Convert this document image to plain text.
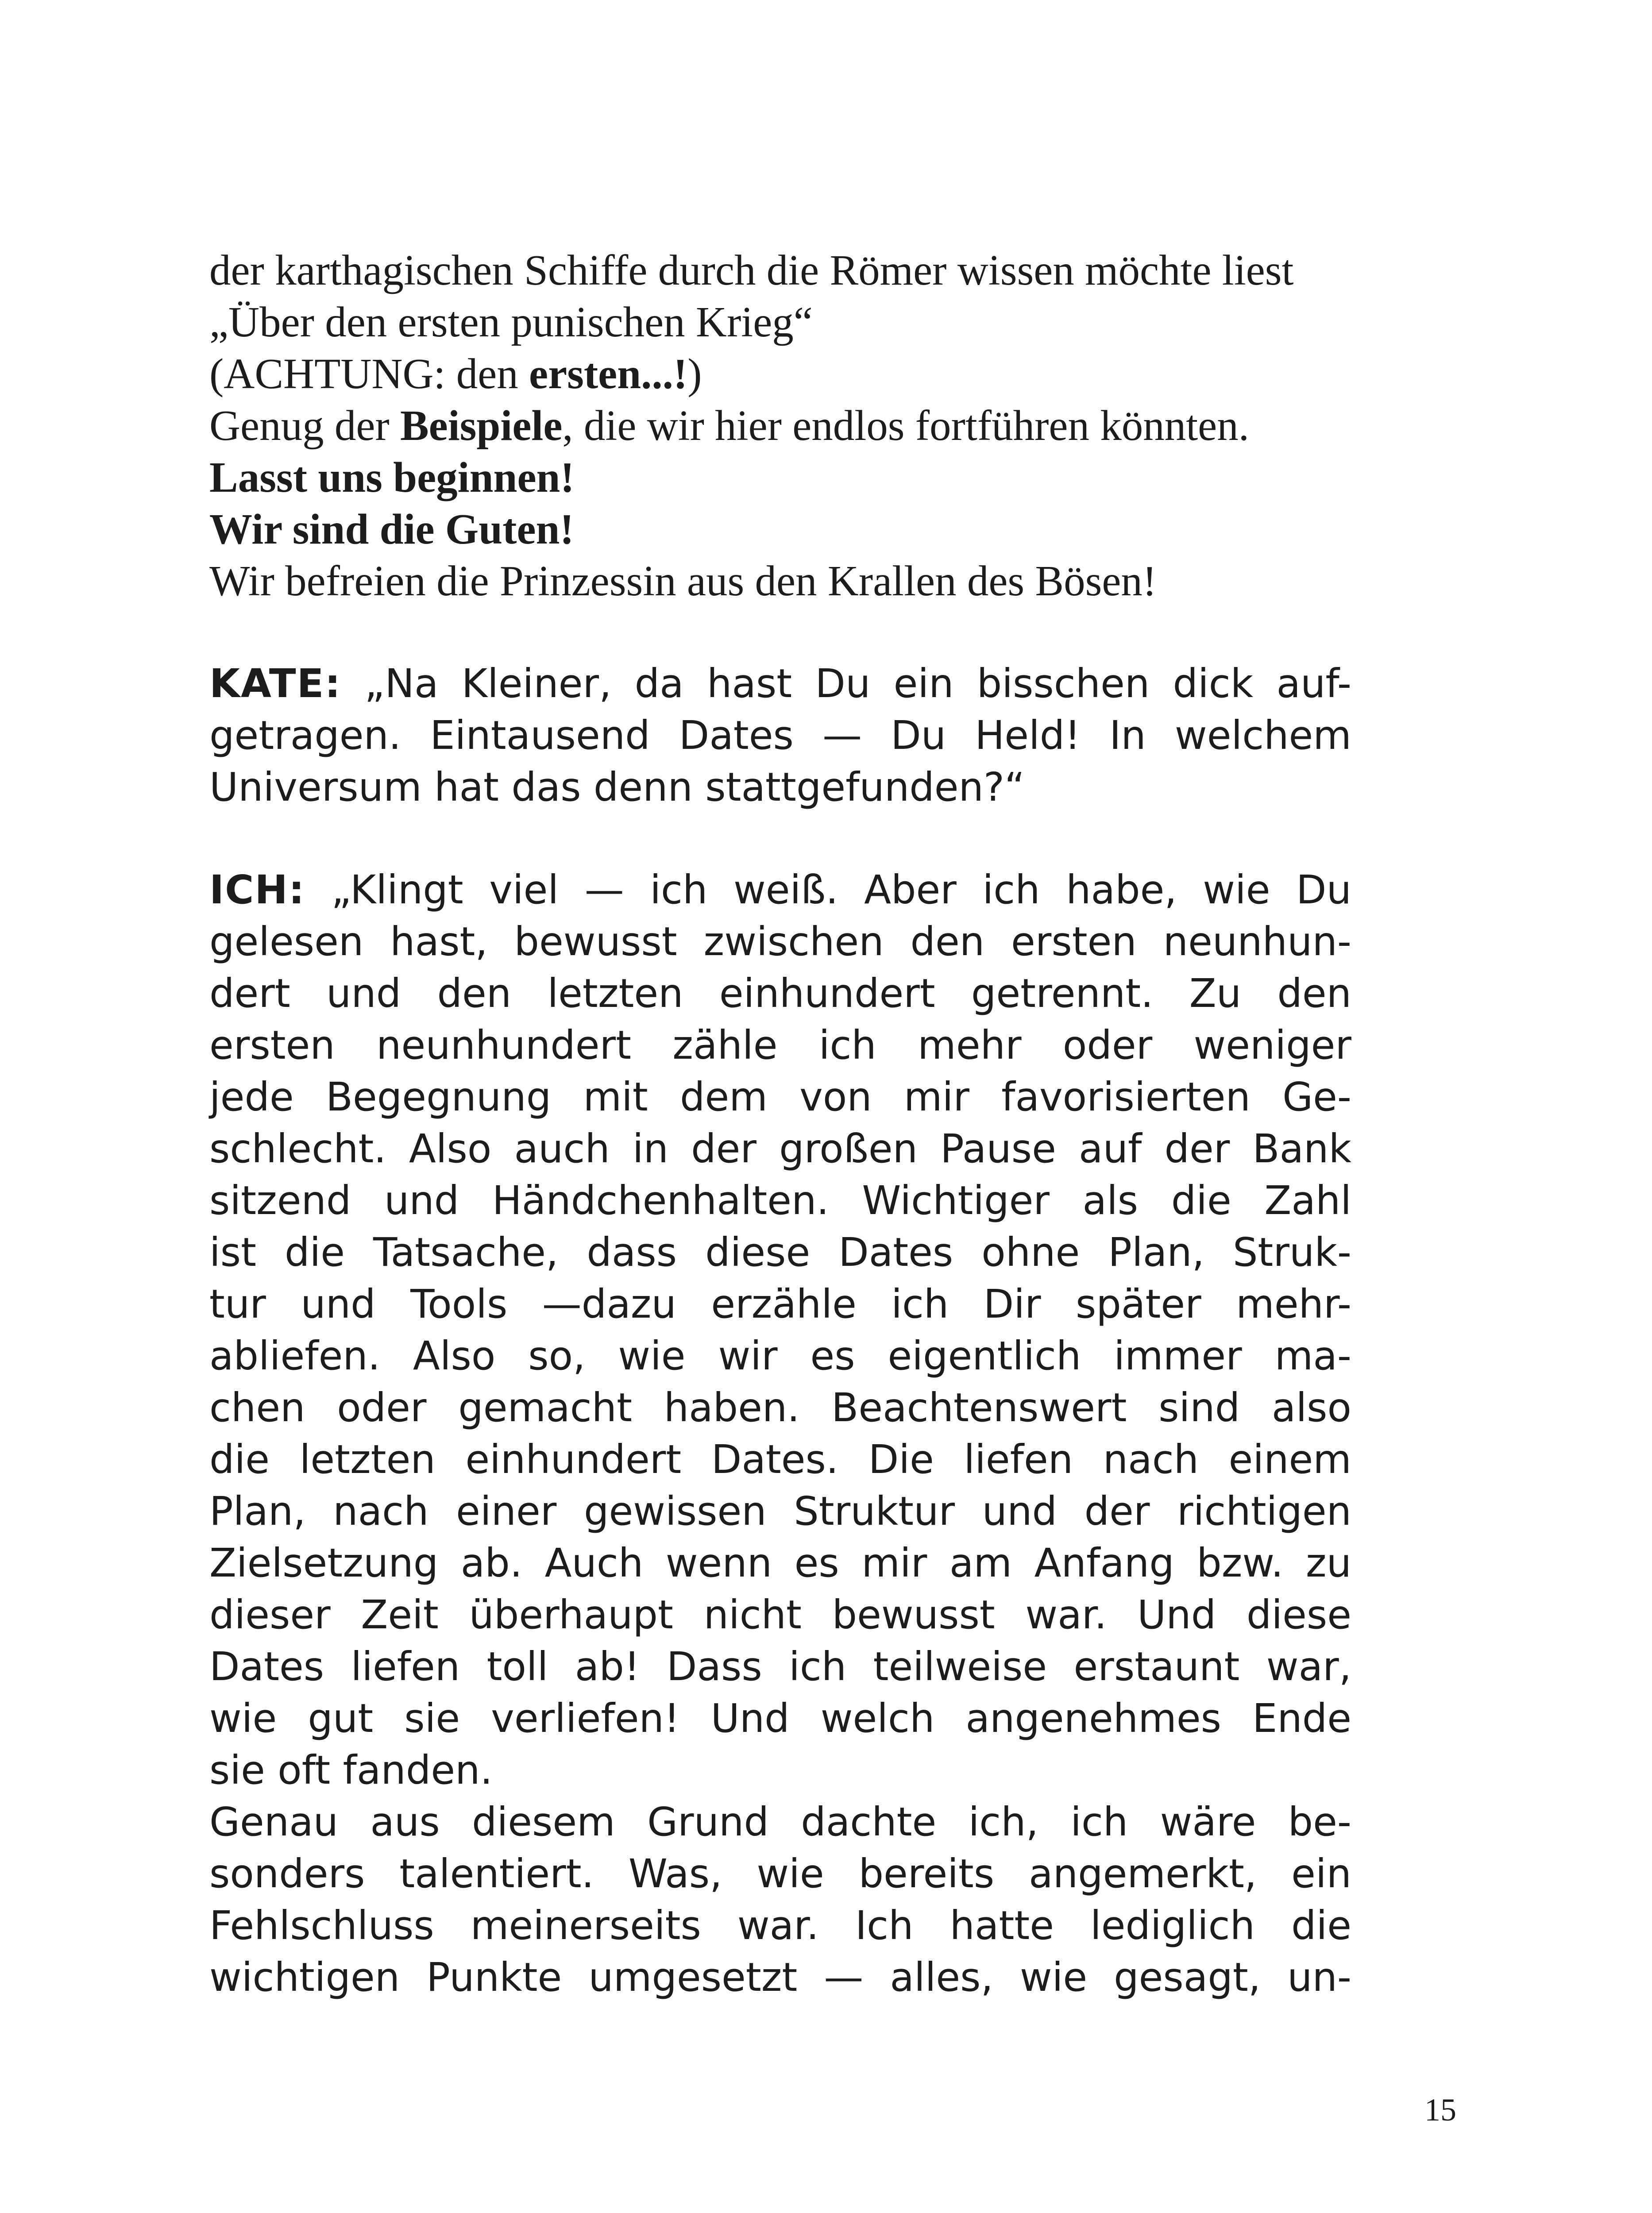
der karthagischen Schiffe durch die Römer wissen möchte liest
„Über den ersten punischen Krieg“
(ACHTUNG: den ersten...!)
Genug der Beispiele, die wir hier endlos fortführen könnten.
Lasst uns beginnen!
Wir sind die Guten!
Wir befreien die Prinzessin aus den Krallen des Bösen!
KATE: „Na Kleiner, da hast Du ein bisschen dick auf-
getragen. Eintausend Dates — Du Held! In welchem
Universum hat das denn stattgefunden?“
ICH: „Klingt viel — ich weiß. Aber ich habe, wie Du
gelesen hast, bewusst zwischen den ersten neunhun-
dert und den letzten einhundert getrennt. Zu den
ersten neunhundert zähle ich mehr oder weniger
jede Begegnung mit dem von mir favorisierten Ge-
schlecht. Also auch in der großen Pause auf der Bank
sitzend und Händchenhalten. Wichtiger als die Zahl
ist die Tatsache, dass diese Dates ohne Plan, Struk-
tur und Tools —dazu erzähle ich Dir später mehr-
abliefen. Also so, wie wir es eigentlich immer ma-
chen oder gemacht haben. Beachtenswert sind also
die letzten einhundert Dates. Die liefen nach einem
Plan, nach einer gewissen Struktur und der richtigen
Zielsetzung ab. Auch wenn es mir am Anfang bzw. zu
dieser Zeit überhaupt nicht bewusst war. Und diese
Dates liefen toll ab! Dass ich teilweise erstaunt war,
wie gut sie verliefen! Und welch angenehmes Ende
sie oft fanden.
Genau aus diesem Grund dachte ich, ich wäre be-
sonders talentiert. Was, wie bereits angemerkt, ein
Fehlschluss meinerseits war. Ich hatte lediglich die
wichtigen Punkte umgesetzt — alles, wie gesagt, un-
15
